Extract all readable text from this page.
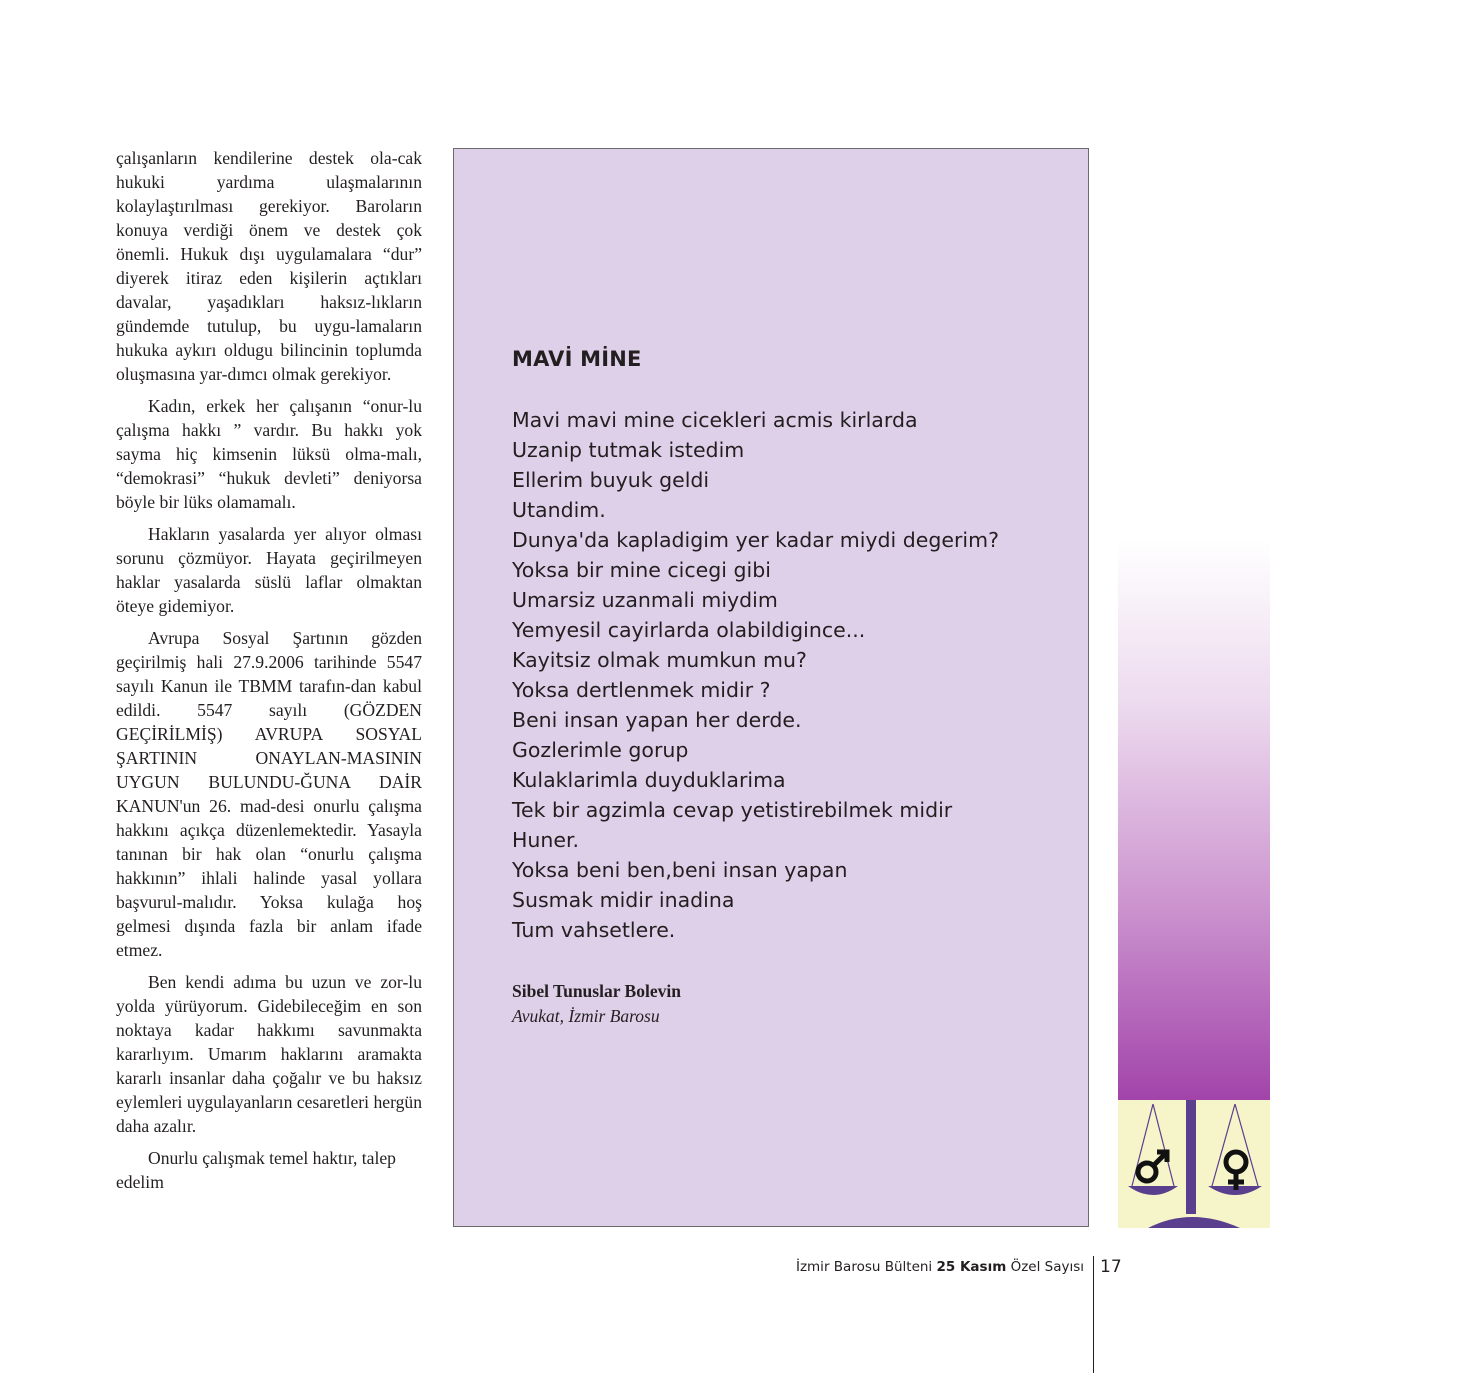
çalışanların kendilerine destek ola-cak hukuki yardıma ulaşmalarının kolaylaştırılması gerekiyor. Baroların konuya verdiği önem ve destek çok önemli. Hukuk dışı uygulamalara “dur” diyerek itiraz eden kişilerin açtıkları davalar, yaşadıkları haksız-lıkların gündemde tutulup, bu uygu-lamaların hukuka aykırı oldugu bilincinin toplumda oluşmasına yar-dımcı olmak gerekiyor.

Kadın, erkek her çalışanın “onur-lu çalışma hakkı ” vardır. Bu hakkı yok sayma hiç kimsenin lüksü olma-malı, “demokrasi” “hukuk devleti” deniyorsa böyle bir lüks olamamalı.

Hakların yasalarda yer alıyor olması sorunu çözmüyor. Hayata geçirilmeyen haklar yasalarda süslü laflar olmaktan öteye gidemiyor.

Avrupa Sosyal Şartının gözden geçirilmiş hali 27.9.2006 tarihinde 5547 sayılı Kanun ile TBMM tarafın-dan kabul edildi. 5547 sayılı (GÖZDEN GEÇİRİLMİŞ) AVRUPA SOSYAL ŞARTININ ONAYLAN-MASININ UYGUN BULUNDU-ĞUNA DAİR KANUN'un 26. mad-desi onurlu çalışma hakkını açıkça düzenlemektedir. Yasayla tanınan bir hak olan “onurlu çalışma hakkının” ihlali halinde yasal yollara başvurul-malıdır. Yoksa kulağa hoş gelmesi dışında fazla bir anlam ifade etmez.

Ben kendi adıma bu uzun ve zor-lu yolda yürüyorum. Gidebileceğim en son noktaya kadar hakkımı savunmakta kararlıyım. Umarım haklarını aramakta kararlı insanlar daha çoğalır ve bu haksız eylemleri uygulayanların cesaretleri hergün daha azalır.

Onurlu çalışmak temel haktır, talep edelim

MAVİ MİNE
Mavi mavi mine cicekleri acmis kirlarda
Uzanip tutmak istedim
Ellerim buyuk geldi
Utandim.
Dunya'da kapladigim yer kadar miydi degerim?
Yoksa bir mine cicegi gibi
Umarsiz uzanmali miydim
Yemyesil cayirlarda olabildigince...
Kayitsiz olmak mumkun mu?
Yoksa dertlenmek midir ?
Beni insan yapan her derde.
Gozlerimle gorup
Kulaklarimla duyduklarima
Tek bir agzimla cevap yetistirebilmek midir
Huner.
Yoksa beni ben,beni insan yapan
Susmak midir inadina
Tum vahsetlere.
Sibel Tunuslar Bolevin
Avukat, İzmir Barosu
İzmir Barosu Bülteni 25 Kasım Özel Sayısı 17
